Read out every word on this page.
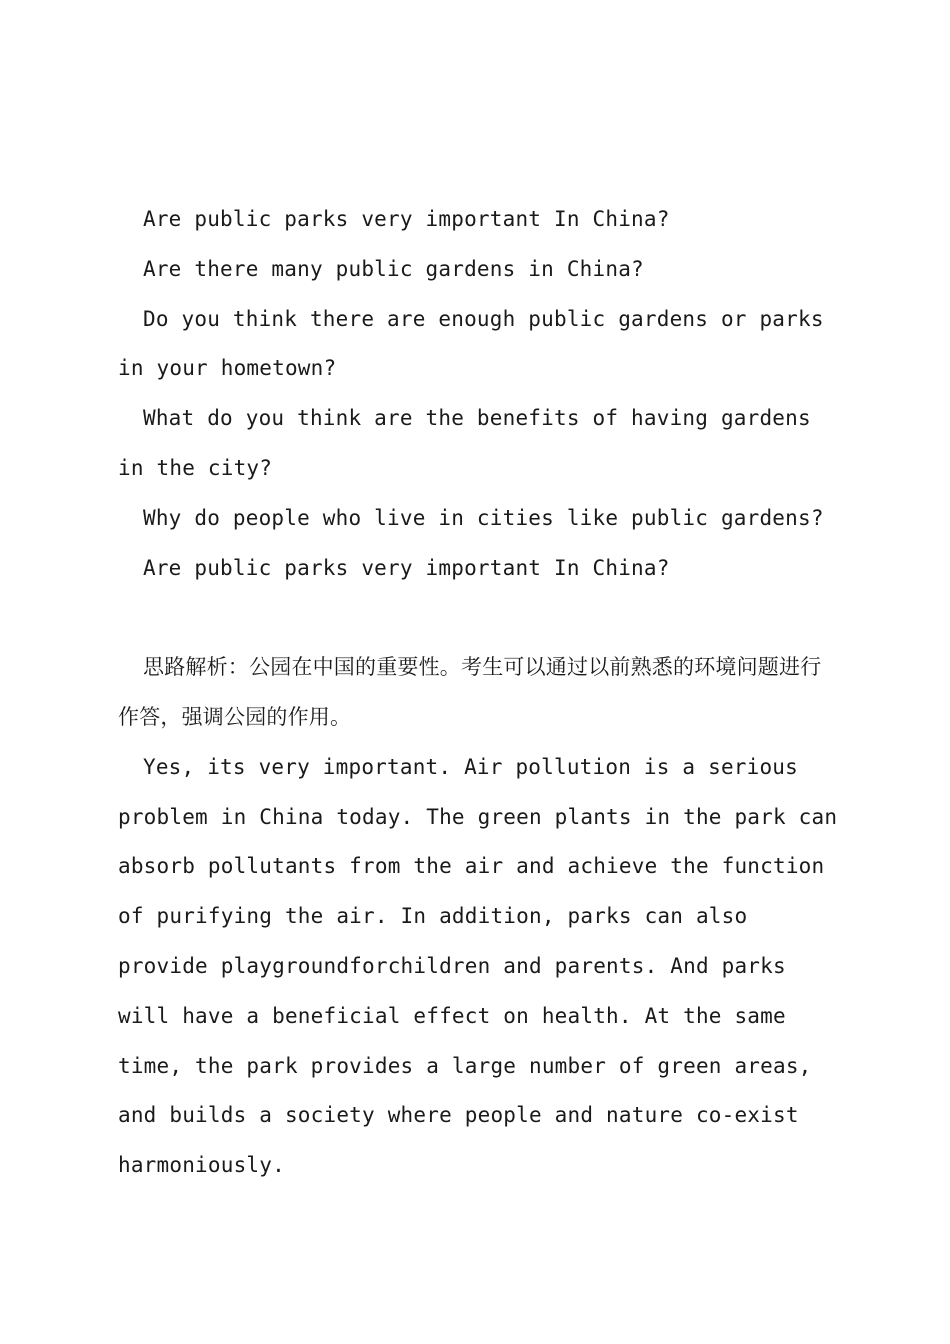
Are public parks very important In China?

Are there many public gardens in China?

Do you think there are enough public gardens or parks in your hometown?

What do you think are the benefits of having gardens in the city?

Why do people who live in cities like public gardens?

Are public parks very important In China?

思路解析：公园在中国的重要性。考生可以通过以前熟悉的环境问题进行作答，强调公园的作用。

Yes, its very important. Air pollution is a serious problem in China today. The green plants in the park can absorb pollutants from the air and achieve the function of purifying the air. In addition, parks can also provide playgroundforchildren and parents. And parks will have a beneficial effect on health. At the same time, the park provides a large number of green areas, and builds a society where people and nature co-exist harmoniously.
